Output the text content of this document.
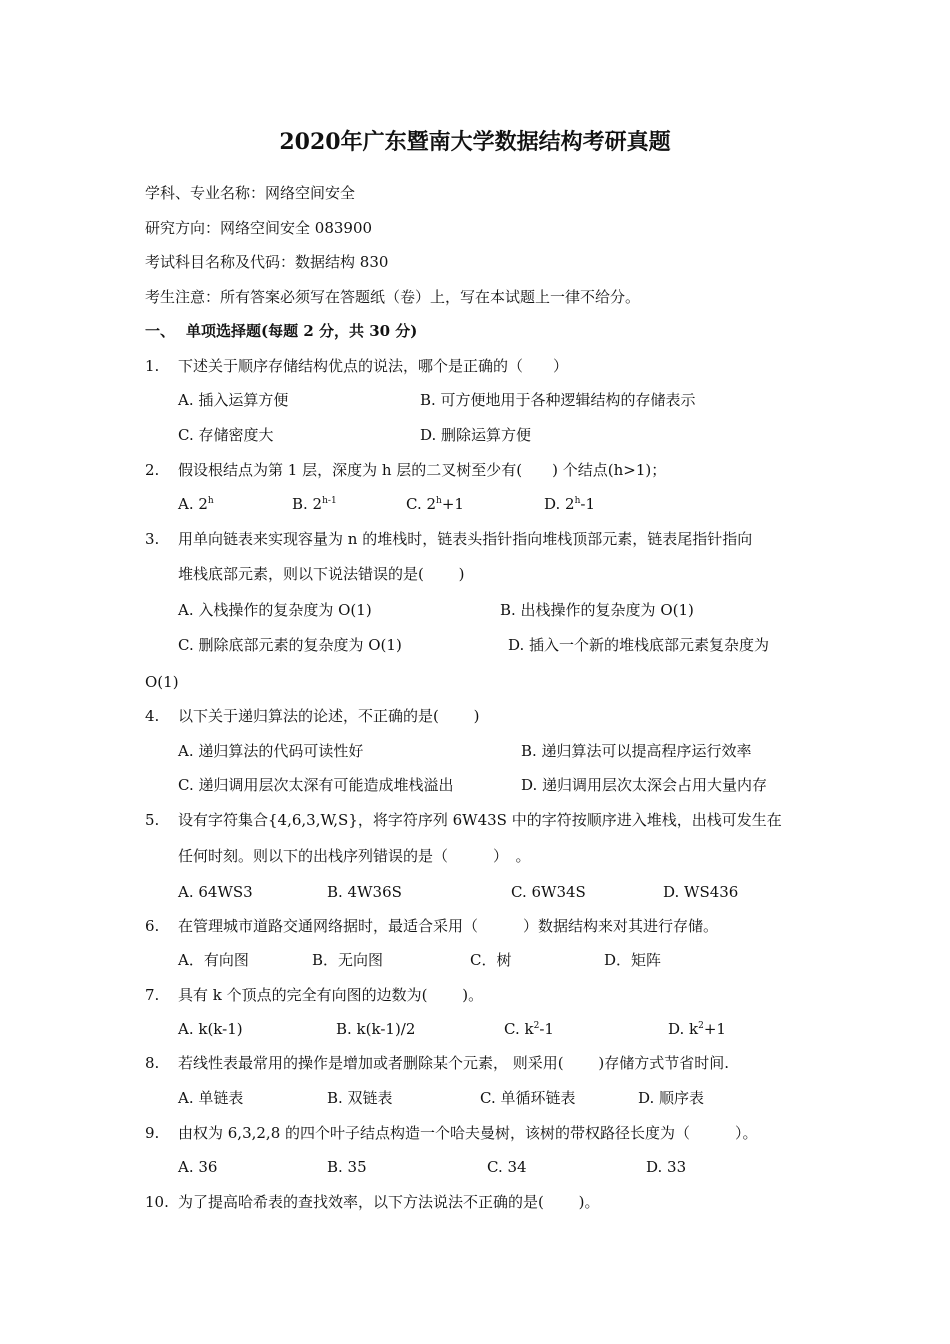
2020年广东暨南大学数据结构考研真题
学科、专业名称：网络空间安全
研究方向：网络空间安全 083900
考试科目名称及代码：数据结构 830
考生注意：所有答案必须写在答题纸（卷）上，写在本试题上一律不给分。
一、 单项选择题(每题 2 分，共 30 分)
1. 下述关于顺序存储结构优点的说法，哪个是正确的（　　）
A. 插入运算方便	B. 可方便地用于各种逻辑结构的存储表示
C. 存储密度大	D. 删除运算方便
2. 假设根结点为第 1 层，深度为 h 层的二叉树至少有(　　) 个结点(h>1)；
A. 2$^h$	B. 2$^{h-1}$	C. $2^h+1$	D. 2$^h$-1
3. 用单向链表来实现容量为 n 的堆栈时，链表头指针指向堆栈顶部元素，链表尾指针指向
堆栈底部元素，则以下说法错误的是(　　 )
A. 入栈操作的复杂度为 O(1)	B. 出栈操作的复杂度为 O(1)
C. 删除底部元素的复杂度为 O(1)	D. 插入一个新的堆栈底部元素复杂度为
O(1)
4. 以下关于递归算法的论述，不正确的是(　　 )
A. 递归算法的代码可读性好	B. 递归算法可以提高程序运行效率
C. 递归调用层次太深有可能造成堆栈溢出	D. 递归调用层次太深会占用大量内存
5. 设有字符集合{4,6,3,W,S}，将字符序列 6W43S 中的字符按顺序进入堆栈，出栈可发生在
任何时刻。则以下的出栈序列错误的是（　　　）　。
A. 64WS3	B. 4W36S	C. 6W34S	D. WS436
6. 在管理城市道路交通网络据时，最适合采用（　　　）数据结构来对其进行存储。
A．有向图	B．无向图	C．树	D．矩阵
7. 具有 k 个顶点的完全有向图的边数为(　　 )。
A. k(k-1)	B. k(k-1)/2	C. $k^2-1$	D. $k^2+1$
8. 若线性表最常用的操作是增加或者删除某个元素， 则采用(　　 )存储方式节省时间.
A. 单链表	B. 双链表	C. 单循环链表	D. 顺序表
9. 由权为 6,3,2,8 的四个叶子结点构造一个哈夫曼树，该树的带权路径长度为（　　　）。
A. 36	B. 35	C. 34	D. 33
10. 为了提高哈希表的查找效率，以下方法说法不正确的是(　　 )。
